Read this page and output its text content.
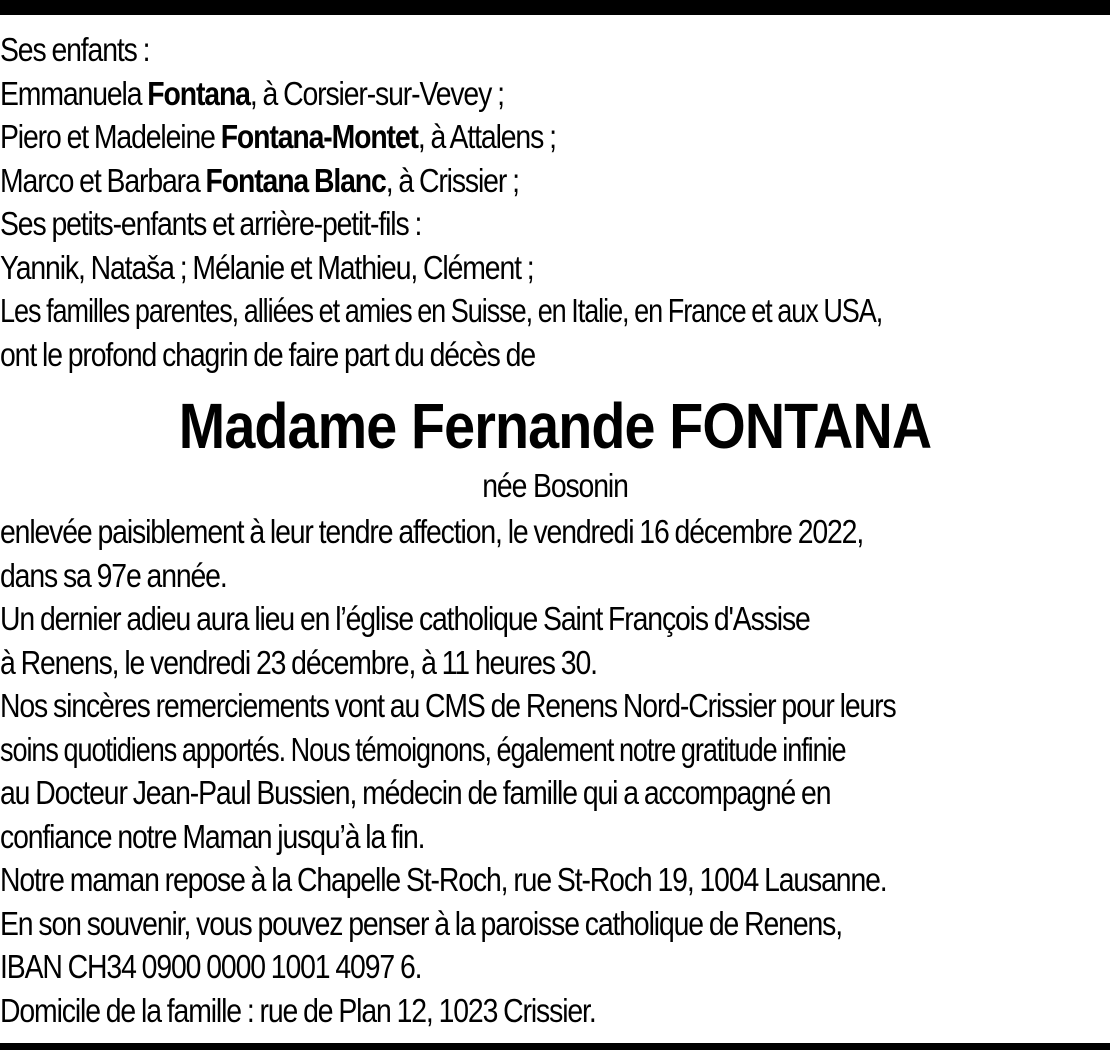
Ses enfants :
Emmanuela Fontana, à Corsier-sur-Vevey ;
Piero et Madeleine Fontana-Montet, à Attalens ;
Marco et Barbara Fontana Blanc, à Crissier ;
Ses petits-enfants et arrière-petit-fils :
Yannik, Nataša ; Mélanie et Mathieu, Clément ;
Les familles parentes, alliées et amies en Suisse, en Italie, en France et aux USA,
ont le profond chagrin de faire part du décès de
Madame Fernande FONTANA
née Bosonin
enlevée paisiblement à leur tendre affection, le vendredi 16 décembre 2022,
dans sa 97e année.
Un dernier adieu aura lieu en l’église catholique Saint François d'Assise
à Renens, le vendredi 23 décembre, à 11 heures 30.
Nos sincères remerciements vont au CMS de Renens Nord-Crissier pour leurs
soins quotidiens apportés. Nous témoignons, également notre gratitude infinie
au Docteur Jean-Paul Bussien, médecin de famille qui a accompagné en
confiance notre Maman jusqu’à la fin.
Notre maman repose à la Chapelle St-Roch, rue St-Roch 19, 1004 Lausanne.
En son souvenir, vous pouvez penser à la paroisse catholique de Renens,
IBAN CH34 0900 0000 1001 4097 6.
Domicile de la famille : rue de Plan 12, 1023 Crissier.
